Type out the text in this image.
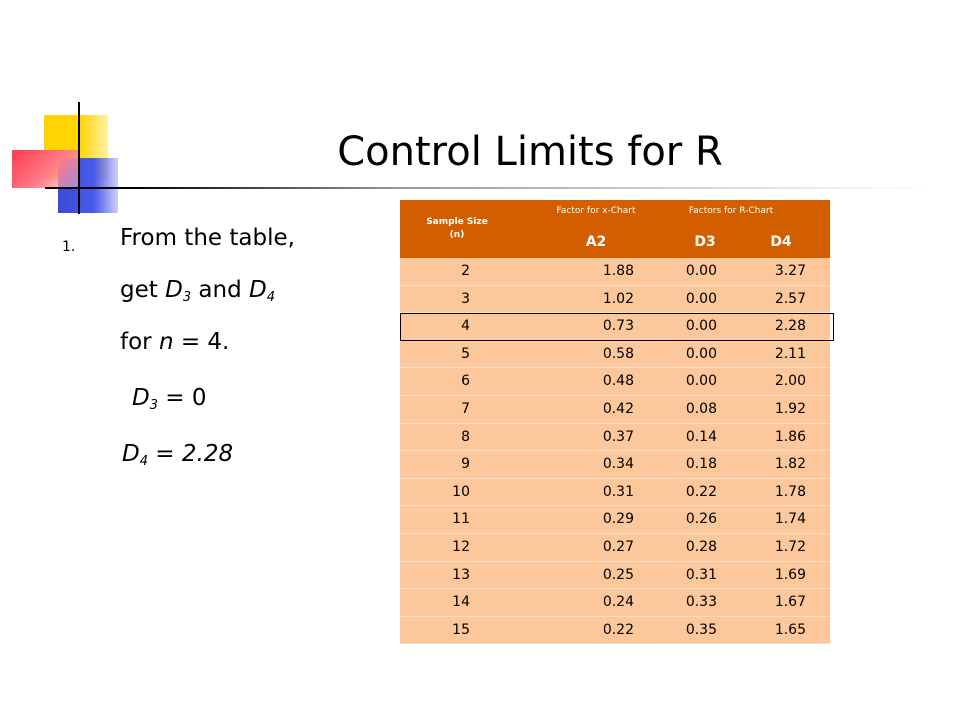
Control Limits for R
1. From the table,
get $D_3$ and $D_4$
for n = 4.
$D_3 = 0$
$D_4 = 2.28$
Sample Size
(n)
Factor for x-Chart	Factors for R-Chart
A2	D3	D4
2	1.88	0.00	3.27
3	1.02	0.00	2.57
4	0.73	0.00	2.28
5	0.58	0.00	2.11
6	0.48	0.00	2.00
7	0.42	0.08	1.92
8	0.37	0.14	1.86
9	0.34	0.18	1.82
10	0.31	0.22	1.78
11	0.29	0.26	1.74
12	0.27	0.28	1.72
13	0.25	0.31	1.69
14	0.24	0.33	1.67
15	0.22	0.35	1.65
